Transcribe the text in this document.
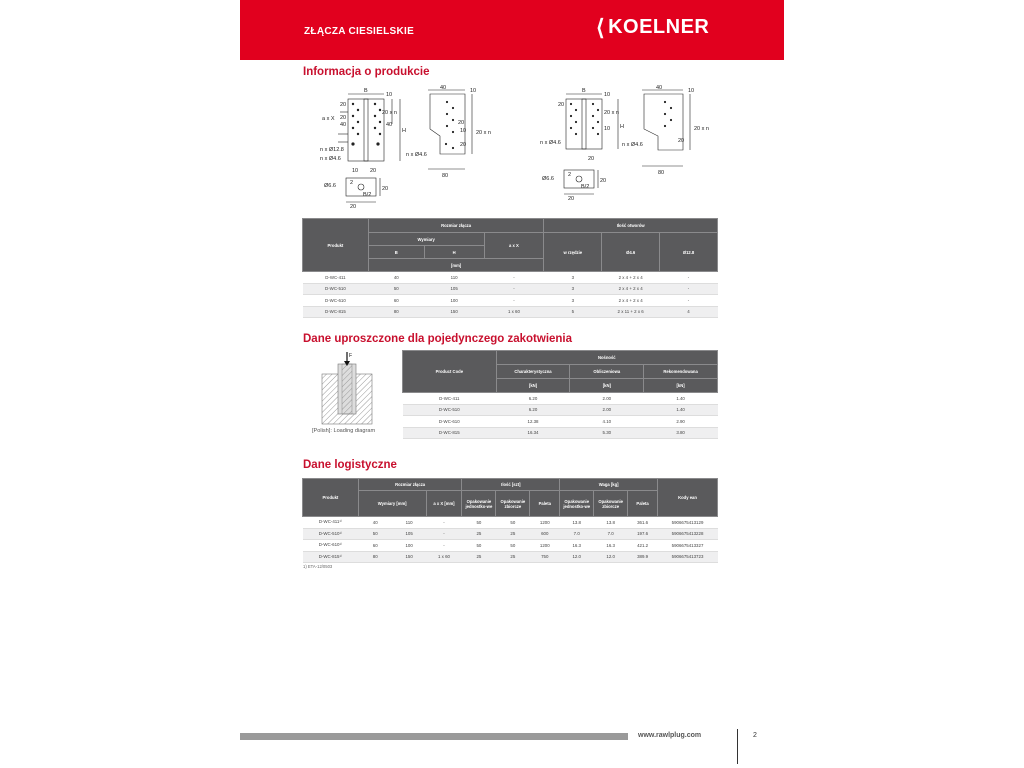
ZŁĄCZA CIESIELSKIE	⟨ KOELNER
Informacja o produkcie
B
H
n x Ø12.8
n x Ø4.6
n x Ø4.6
Ø6.6
B/2
20
40
20
10 20
10
40
40	10
10
20
20
80
20
2
20
a x X
20 x n
20 x n
B
H
n x Ø4.6	n x Ø4.6
Ø6.6
B/2
20
10
20
10
40	10
20
80
20
2
20
20 x n
20 x n
Produkt	Rozmiar złącza			Ilość otworów		
	Wymiary		a x X	w rzędzie	Ø4.6	Ø12.8
	B	H				
	[mm]					
D-WC-411	40	110	-	3	2 x 4 + 2 x 4	-
D-WC-510	50	105	-	3	2 x 4 + 2 x 4	-
D-WC-610	60	100	-	3	2 x 4 + 2 x 4	-
D-WC-815	80	150	1 x 60	5	2 x 11 + 2 x 6	4
Dane uproszczone dla pojedynczego zakotwienia
F
[Polish]: Loading diagram
Product Code	Nośność		
	Charakterystyczna	Obliczeniowa	Rekomendowana
	[kN]	[kN]	[kN]
D-WC-411	6.20	2.00	1.40
D-WC-510	6.20	2.00	1.40
D-WC-610	12.38	4.10	2.90
D-WC-815	16.34	5.30	3.80
Dane logistyczne
Produkt	Rozmiar złącza			Ilość [szt]			Waga [kg]			Kody ean
	Wymiary [mm]		a x X [mm]	Opakowanie jednostko-we	Opakowanie zbiorcze	Paleta	Opakowanie jednostko-we	Opakowanie zbiorcze	Paleta	
D-WC-411¹⁾	40	110	-	50	50	1200	13.8	13.8	361.6	5906675413129
D-WC-510¹⁾	50	105	-	25	25	600	7.0	7.0	197.6	5906675413228
D-WC-610¹⁾	60	100	-	50	50	1200	16.3	16.3	421.2	5906675413327
D-WC-815¹⁾	80	150	1 x 60	25	25	750	12.0	12.0	389.9	5906675413723
1) ETA-12/0503
www.rawlplug.com	2
